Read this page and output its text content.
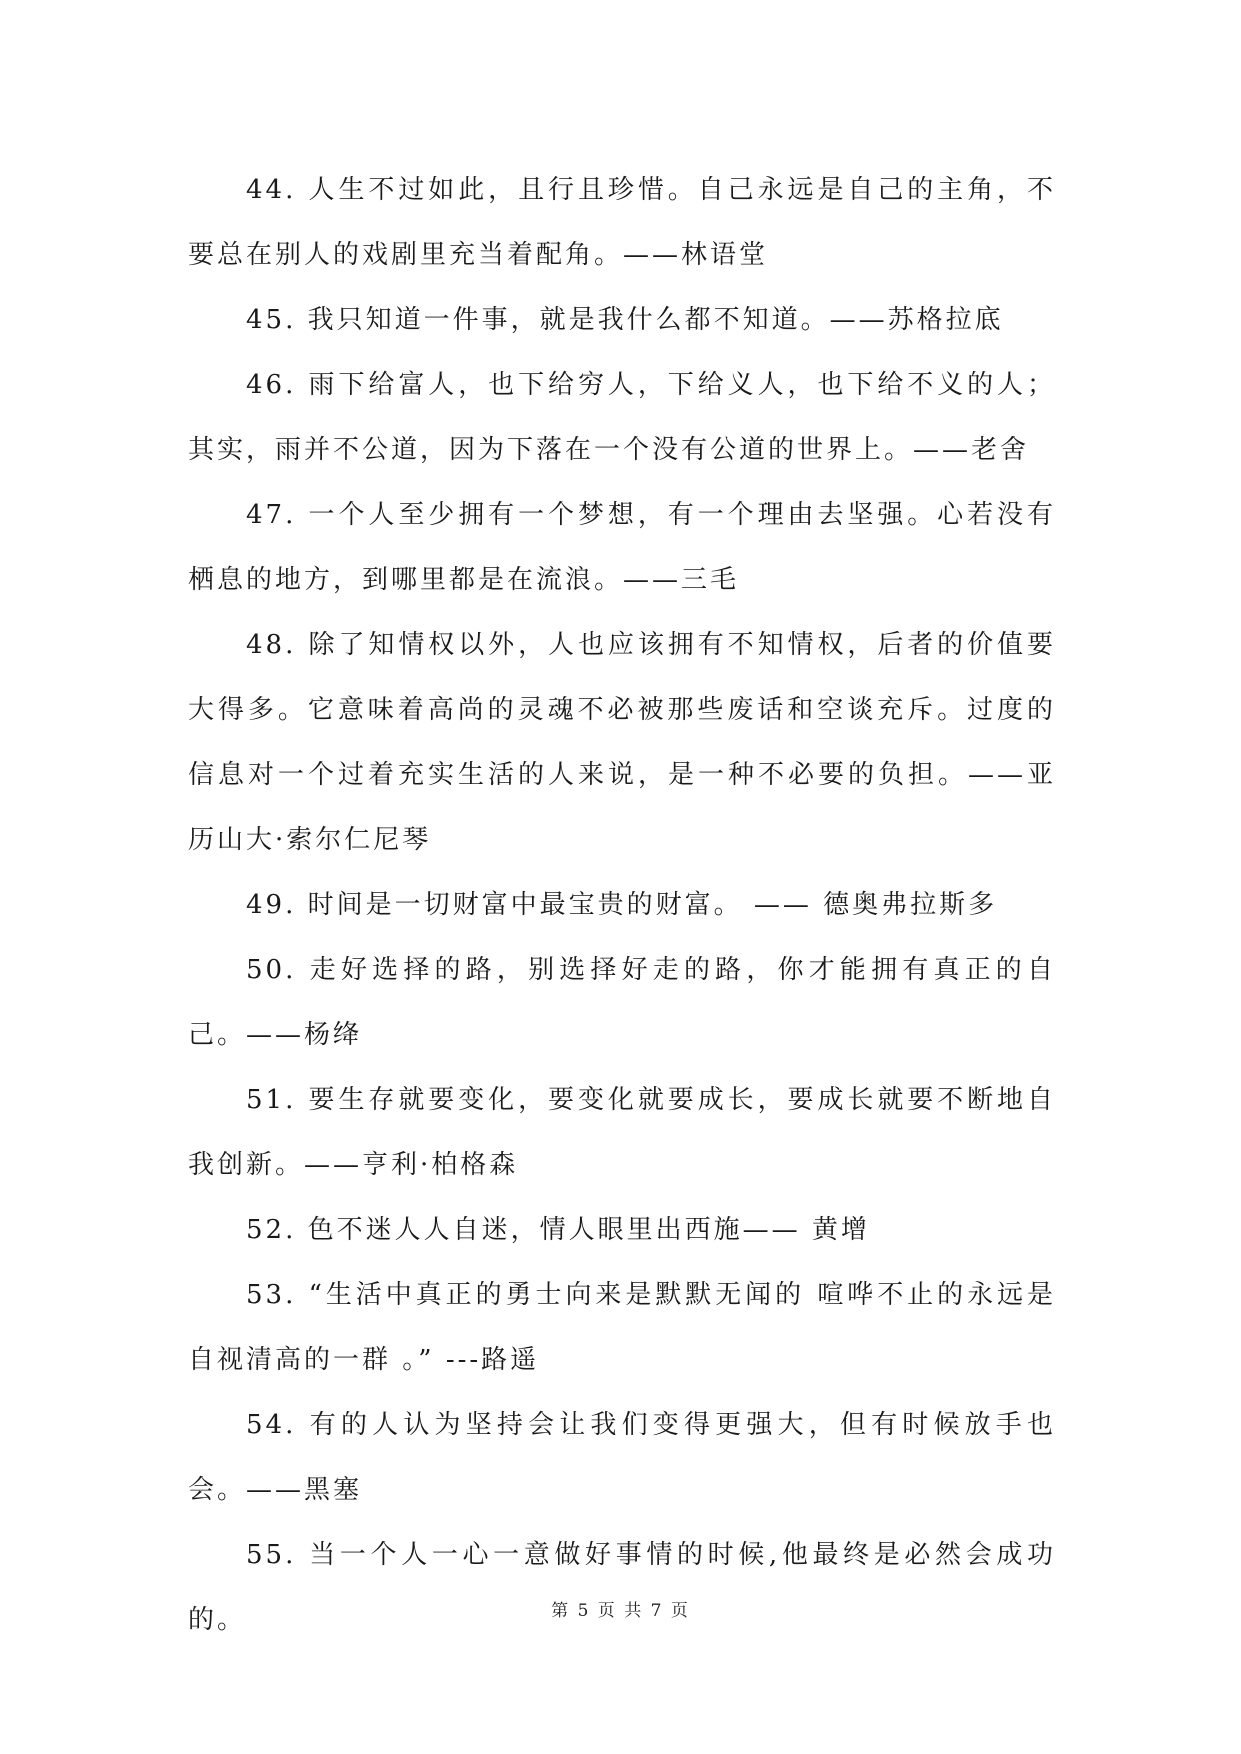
44. 人生不过如此，且行且珍惜。自己永远是自己的主角，不要总在别人的戏剧里充当着配角。——林语堂

45. 我只知道一件事，就是我什么都不知道。——苏格拉底

46. 雨下给富人，也下给穷人，下给义人，也下给不义的人；其实，雨并不公道，因为下落在一个没有公道的世界上。——老舍

47. 一个人至少拥有一个梦想，有一个理由去坚强。心若没有栖息的地方，到哪里都是在流浪。——三毛

48. 除了知情权以外，人也应该拥有不知情权，后者的价值要大得多。它意味着高尚的灵魂不必被那些废话和空谈充斥。过度的信息对一个过着充实生活的人来说，是一种不必要的负担。——亚历山大·索尔仁尼琴

49. 时间是一切财富中最宝贵的财富。 —— 德奥弗拉斯多

50. 走好选择的路，别选择好走的路，你才能拥有真正的自己。——杨绛

51. 要生存就要变化，要变化就要成长，要成长就要不断地自我创新。——亨利·柏格森

52. 色不迷人人自迷，情人眼里出西施—— 黄增

53. “生活中真正的勇士向来是默默无闻的 喧哗不止的永远是自视清高的一群 。” ---路遥

54. 有的人认为坚持会让我们变得更强大，但有时候放手也会。——黑塞

55. 当一个人一心一意做好事情的时候,他最终是必然会成功的。	第 5 页 共 7 页
